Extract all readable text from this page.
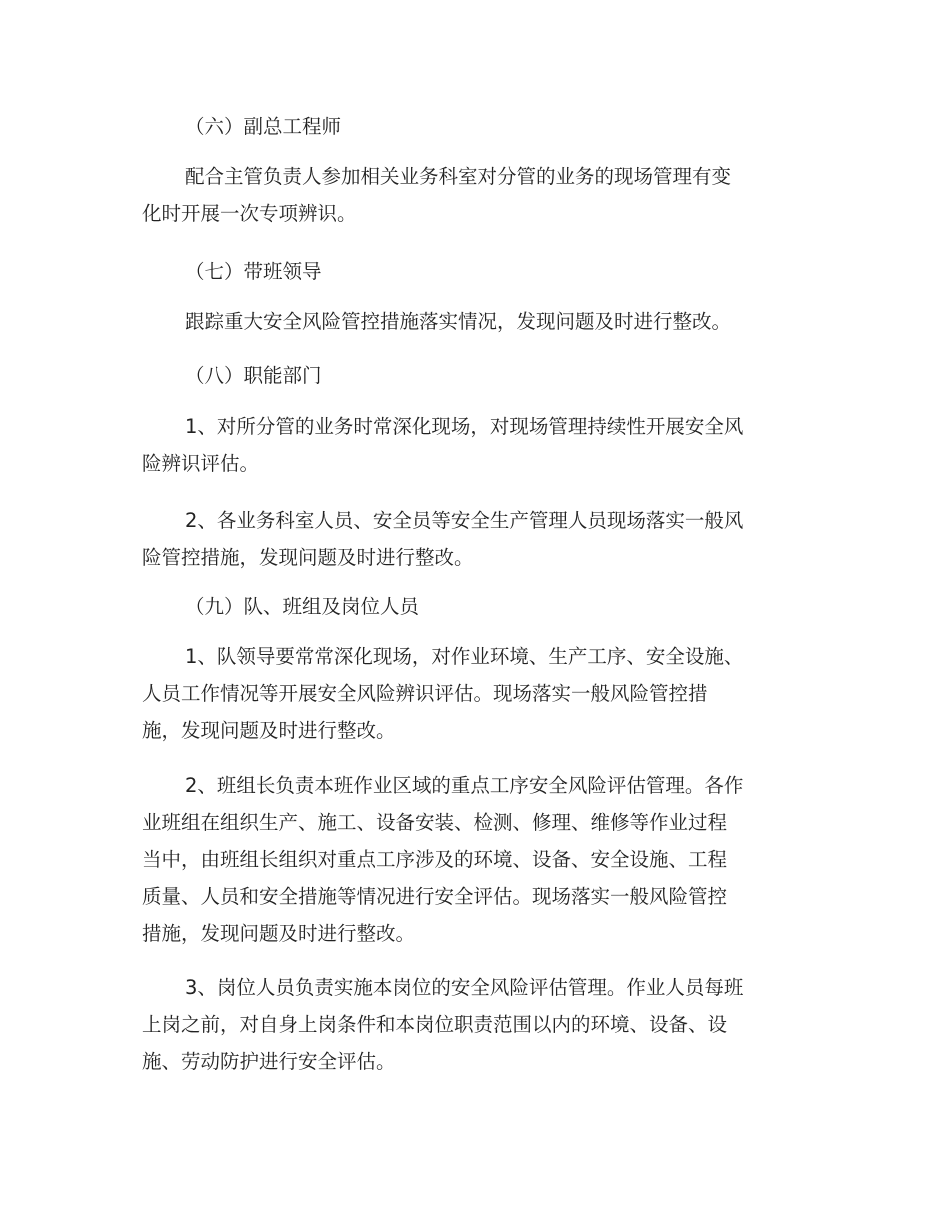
（六）副总工程师
配合主管负责人参加相关业务科室对分管的业务的现场管理有变
化时开展一次专项辨识。
（七）带班领导
跟踪重大安全风险管控措施落实情况，发现问题及时进行整改。
（八）职能部门
1、对所分管的业务时常深化现场，对现场管理持续性开展安全风
险辨识评估。
2、各业务科室人员、安全员等安全生产管理人员现场落实一般风
险管控措施，发现问题及时进行整改。
（九）队、班组及岗位人员
1、队领导要常常深化现场，对作业环境、生产工序、安全设施、
人员工作情况等开展安全风险辨识评估。现场落实一般风险管控措
施，发现问题及时进行整改。
2、班组长负责本班作业区域的重点工序安全风险评估管理。各作
业班组在组织生产、施工、设备安装、检测、修理、维修等作业过程
当中，由班组长组织对重点工序涉及的环境、设备、安全设施、工程
质量、人员和安全措施等情况进行安全评估。现场落实一般风险管控
措施，发现问题及时进行整改。
3、岗位人员负责实施本岗位的安全风险评估管理。作业人员每班
上岗之前，对自身上岗条件和本岗位职责范围以内的环境、设备、设
施、劳动防护进行安全评估。
